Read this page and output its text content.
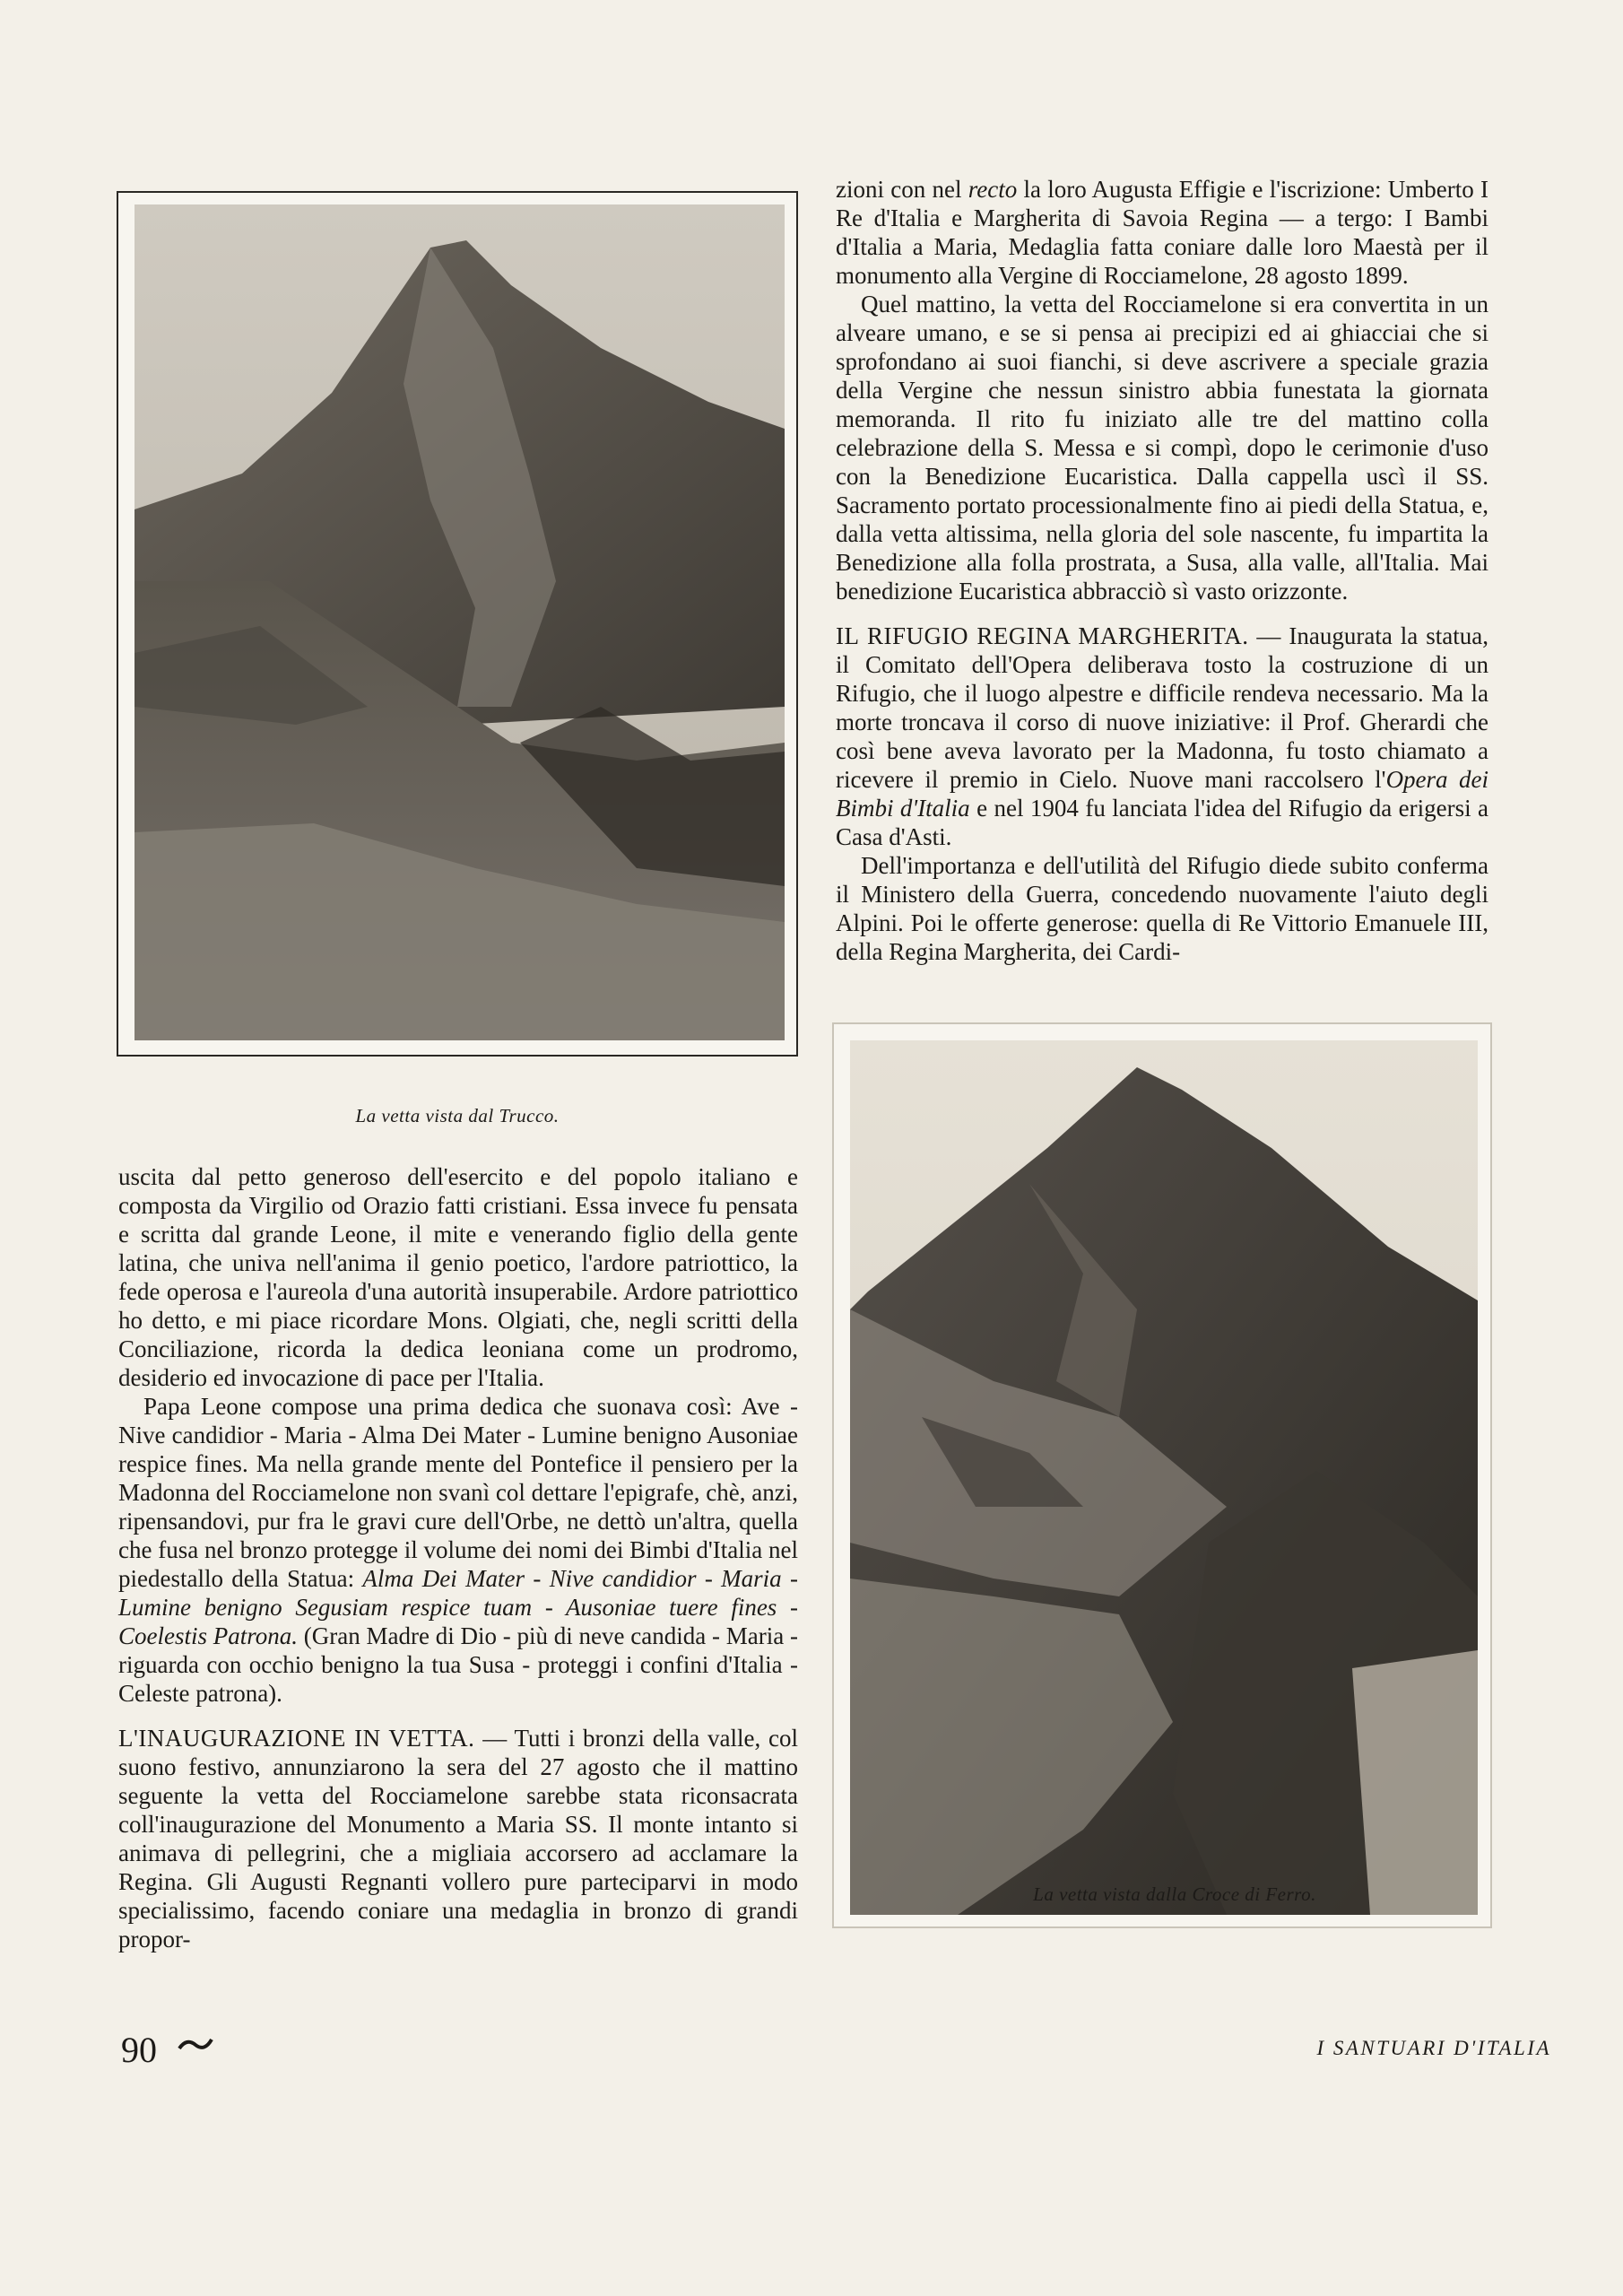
La vetta vista dal Trucco.

zioni con nel recto la loro Augusta Effigie e l'iscrizione: Umberto I Re d'Italia e Margherita di Savoia Regina — a tergo: I Bambi d'Italia a Maria, Medaglia fatta coniare dalle loro Maestà per il monumento alla Vergine di Rocciamelone, 28 agosto 1899.

Quel mattino, la vetta del Rocciamelone si era convertita in un alveare umano, e se si pensa ai precipizi ed ai ghiacciai che si sprofondano ai suoi fianchi, si deve ascrivere a speciale grazia della Vergine che nessun sinistro abbia funestata la giornata memoranda. Il rito fu iniziato alle tre del mattino colla celebrazione della S. Messa e si compì, dopo le cerimonie d'uso con la Benedizione Eucaristica. Dalla cappella uscì il SS. Sacramento portato processionalmente fino ai piedi della Statua, e, dalla vetta altissima, nella gloria del sole nascente, fu impartita la Benedizione alla folla prostrata, a Susa, alla valle, all'Italia. Mai benedizione Eucaristica abbracciò sì vasto orizzonte.

IL RIFUGIO REGINA MARGHERITA. — Inaugurata la statua, il Comitato dell'Opera deliberava tosto la costruzione di un Rifugio, che il luogo alpestre e difficile rendeva necessario. Ma la morte troncava il corso di nuove iniziative: il Prof. Gherardi che così bene aveva lavorato per la Madonna, fu tosto chiamato a ricevere il premio in Cielo. Nuove mani raccolsero l'Opera dei Bimbi d'Italia e nel 1904 fu lanciata l'idea del Rifugio da erigersi a Casa d'Asti.

Dell'importanza e dell'utilità del Rifugio diede subito conferma il Ministero della Guerra, concedendo nuovamente l'aiuto degli Alpini. Poi le offerte generose: quella di Re Vittorio Emanuele III, della Regina Margherita, dei Cardi-

uscita dal petto generoso dell'esercito e del popolo italiano e composta da Virgilio od Orazio fatti cristiani. Essa invece fu pensata e scritta dal grande Leone, il mite e venerando figlio della gente latina, che univa nell'anima il genio poetico, l'ardore patriottico, la fede operosa e l'aureola d'una autorità insuperabile. Ardore patriottico ho detto, e mi piace ricordare Mons. Olgiati, che, negli scritti della Conciliazione, ricorda la dedica leoniana come un prodromo, desiderio ed invocazione di pace per l'Italia.

Papa Leone compose una prima dedica che suonava così: Ave - Nive candidior - Maria - Alma Dei Mater - Lumine benigno Ausoniae respice fines. Ma nella grande mente del Pontefice il pensiero per la Madonna del Rocciamelone non svanì col dettare l'epigrafe, chè, anzi, ripensandovi, pur fra le gravi cure dell'Orbe, ne dettò un'altra, quella che fusa nel bronzo protegge il volume dei nomi dei Bimbi d'Italia nel piedestallo della Statua: Alma Dei Mater - Nive candidior - Maria - Lumine benigno Segusiam respice tuam - Ausoniae tuere fines - Coelestis Patrona. (Gran Madre di Dio - più di neve candida - Maria - riguarda con occhio benigno la tua Susa - proteggi i confini d'Italia - Celeste patrona).

L'INAUGURAZIONE IN VETTA. — Tutti i bronzi della valle, col suono festivo, annunziarono la sera del 27 agosto che il mattino seguente la vetta del Rocciamelone sarebbe stata riconsacrata coll'inaugurazione del Monumento a Maria SS. Il monte intanto si animava di pellegrini, che a migliaia accorsero ad acclamare la Regina. Gli Augusti Regnanti vollero pure parteciparvi in modo specialissimo, facendo coniare una medaglia in bronzo di grandi propor-

La vetta vista dalla Croce di Ferro.
90	I SANTUARI D'ITALIA
